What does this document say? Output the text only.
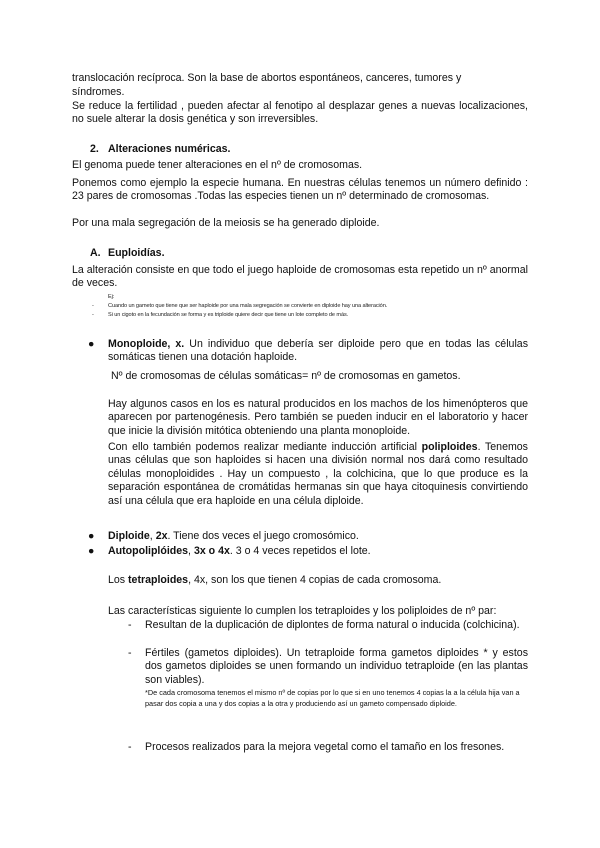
translocación recíproca. Son la base de abortos espontáneos, canceres, tumores y

síndromes.

Se reduce la fertilidad , pueden afectar al fenotipo al desplazar genes a nuevas localizaciones, no suele alterar la dosis genética y son irreversibles.

2. Alteraciones numéricas.

El genoma puede tener alteraciones en el nº de cromosomas.

Ponemos como ejemplo la especie humana. En nuestras células tenemos un número definido : 23 pares de cromosomas .Todas las especies tienen un nº determinado de cromosomas.

Por una mala segregación de la meiosis se ha generado diploide.

A. Euploidías.

La alteración consiste en que todo el juego haploide de cromosomas esta repetido un nº anormal de veces.

Ej:
-	Cuando un gameto que tiene que ser haploide por una mala segregación se convierte en diploide hay una alteración.
-	Si un cigoto en la fecundación se forma y es triploide quiere decir que tiene un lote completo de más.
● Monoploide, x. Un individuo que debería ser diploide pero que en todas las células somáticas tienen una dotación haploide.

Nº de cromosomas de células somáticas= nº de cromosomas en gametos.

Hay algunos casos en los es natural producidos en los machos de los himenópteros que aparecen por partenogénesis. Pero también se pueden inducir en el laboratorio y hacer que inicie la división mitótica obteniendo una planta monoploide.

Con ello también podemos realizar mediante inducción artificial poliploides. Tenemos unas células que son haploides si hacen una división normal nos dará como resultado células monoploidides . Hay un compuesto , la colchicina, que lo que produce es la separación espontánea de cromátidas hermanas sin que haya citoquinesis convirtiendo así una célula que era haploide en una célula diploide.

● Diploide, 2x. Tiene dos veces el juego cromosómico.

● Autopoliplóides, 3x o 4x. 3 o 4 veces repetidos el lote.

Los tetraploides, 4x, son los que tienen 4 copias de cada cromosoma.

Las características siguiente lo cumplen los tetraploides y los poliploides de nº par:

- Resultan de la duplicación de diplontes de forma natural o inducida (colchicina).

- Fértiles (gametos diploides). Un tetraploide forma gametos diploides * y estos dos gametos diploides se unen formando un individuo tetraploide (en las plantas son viables).

*De cada cromosoma tenemos el mismo nº de copias por lo que si en uno tenemos 4 copias la a la célula hija van a pasar dos copia a una y dos copias a la otra y produciendo así un gameto compensado diploide.

- Procesos realizados para la mejora vegetal como el tamaño en los fresones.
